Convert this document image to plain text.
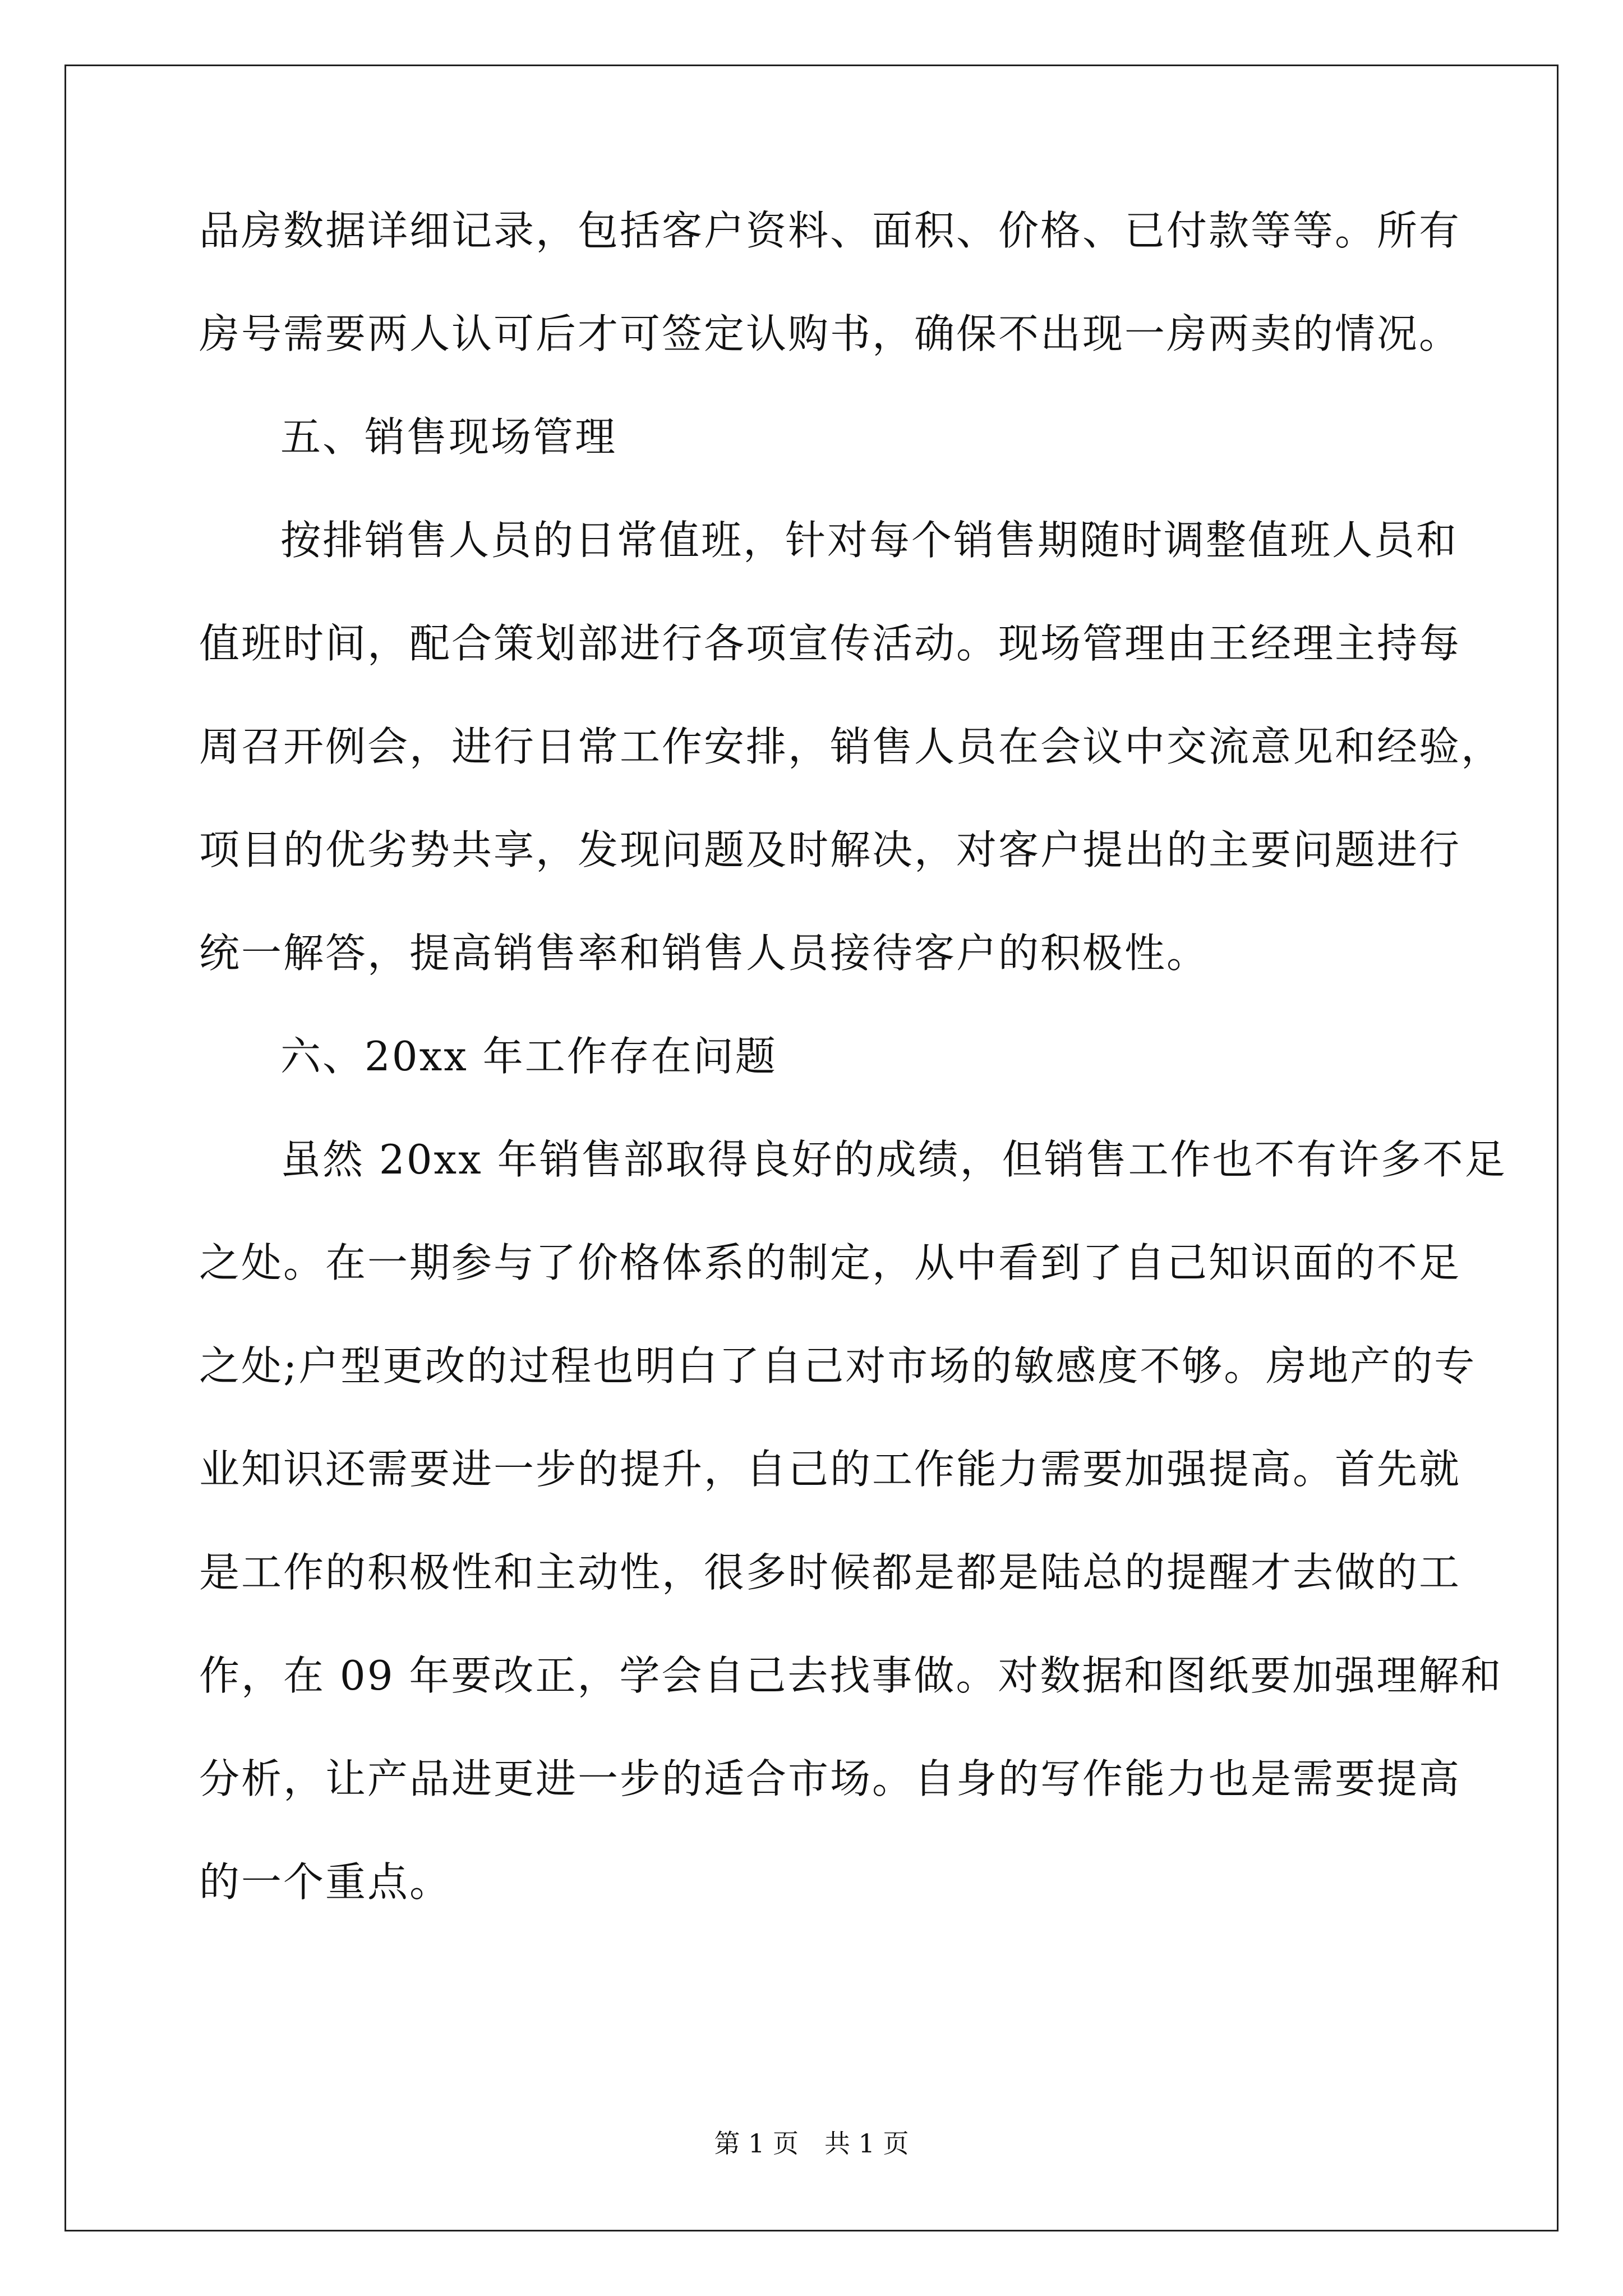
品房数据详细记录，包括客户资料、面积、价格、已付款等等。所有
房号需要两人认可后才可签定认购书，确保不出现一房两卖的情况。
五、销售现场管理
按排销售人员的日常值班，针对每个销售期随时调整值班人员和
值班时间，配合策划部进行各项宣传活动。现场管理由王经理主持每
周召开例会，进行日常工作安排，销售人员在会议中交流意见和经验，
项目的优劣势共享，发现问题及时解决，对客户提出的主要问题进行
统一解答，提高销售率和销售人员接待客户的积极性。
六、20xx 年工作存在问题
虽然 20xx 年销售部取得良好的成绩，但销售工作也不有许多不足
之处。在一期参与了价格体系的制定，从中看到了自己知识面的不足
之处;户型更改的过程也明白了自己对市场的敏感度不够。房地产的专
业知识还需要进一步的提升，自己的工作能力需要加强提高。首先就
是工作的积极性和主动性，很多时候都是都是陆总的提醒才去做的工
作，在 09 年要改正，学会自己去找事做。对数据和图纸要加强理解和
分析，让产品进更进一步的适合市场。自身的写作能力也是需要提高
的一个重点。
第 1 页　共 1 页
